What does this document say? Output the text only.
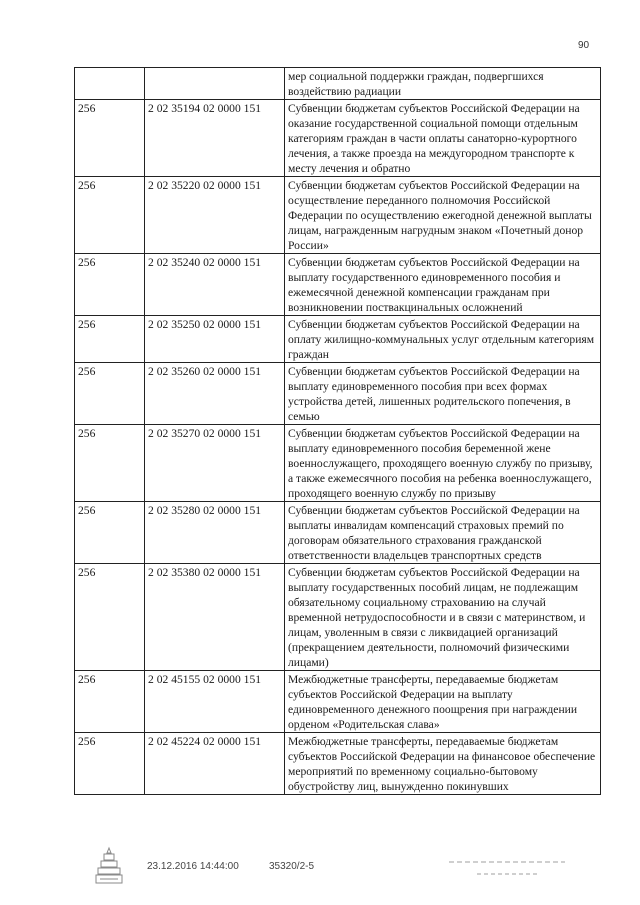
90
		мер социальной поддержки граждан, подвергшихся воздействию радиации
256	2 02 35194 02 0000 151	Субвенции бюджетам субъектов Российской Федерации на оказание государственной социальной помощи отдельным категориям граждан в части оплаты санаторно-курортного лечения, а также проезда на междугородном транспорте к месту лечения и обратно
256	2 02 35220 02 0000 151	Субвенции бюджетам субъектов Российской Федерации на осуществление переданного полномочия Российской Федерации по осуществлению ежегодной денежной выплаты лицам, награжденным нагрудным знаком «Почетный донор России»
256	2 02 35240 02 0000 151	Субвенции бюджетам субъектов Российской Федерации на выплату государственного единовременного пособия и ежемесячной денежной компенсации гражданам при возникновении поствакцинальных осложнений
256	2 02 35250 02 0000 151	Субвенции бюджетам субъектов Российской Федерации на оплату жилищно-коммунальных услуг отдельным категориям граждан
256	2 02 35260 02 0000 151	Субвенции бюджетам субъектов Российской Федерации на выплату единовременного пособия при всех формах устройства детей, лишенных родительского попечения, в семью
256	2 02 35270 02 0000 151	Субвенции бюджетам субъектов Российской Федерации на выплату единовременного пособия беременной жене военнослужащего, проходящего военную службу по призыву, а также ежемесячного пособия на ребенка военнослужащего, проходящего военную службу по призыву
256	2 02 35280 02 0000 151	Субвенции бюджетам субъектов Российской Федерации на выплаты инвалидам компенсаций страховых премий по договорам обязательного страхования гражданской ответственности владельцев транспортных средств
256	2 02 35380 02 0000 151	Субвенции бюджетам субъектов Российской Федерации на выплату государственных пособий лицам, не подлежащим обязательному социальному страхованию на случай временной нетрудоспособности и в связи с материнством, и лицам, уволенным в связи с ликвидацией организаций (прекращением деятельности, полномочий физическими лицами)
256	2 02 45155 02 0000 151	Межбюджетные трансферты, передаваемые бюджетам субъектов Российской Федерации на выплату единовременного денежного поощрения при награждении орденом «Родительская слава»
256	2 02 45224 02 0000 151	Межбюджетные трансферты, передаваемые бюджетам субъектов Российской Федерации на финансовое обеспечение мероприятий по временному социально-бытовому обустройству лиц, вынужденно покинувших
23.12.2016 14:44:00	35320/2-5
